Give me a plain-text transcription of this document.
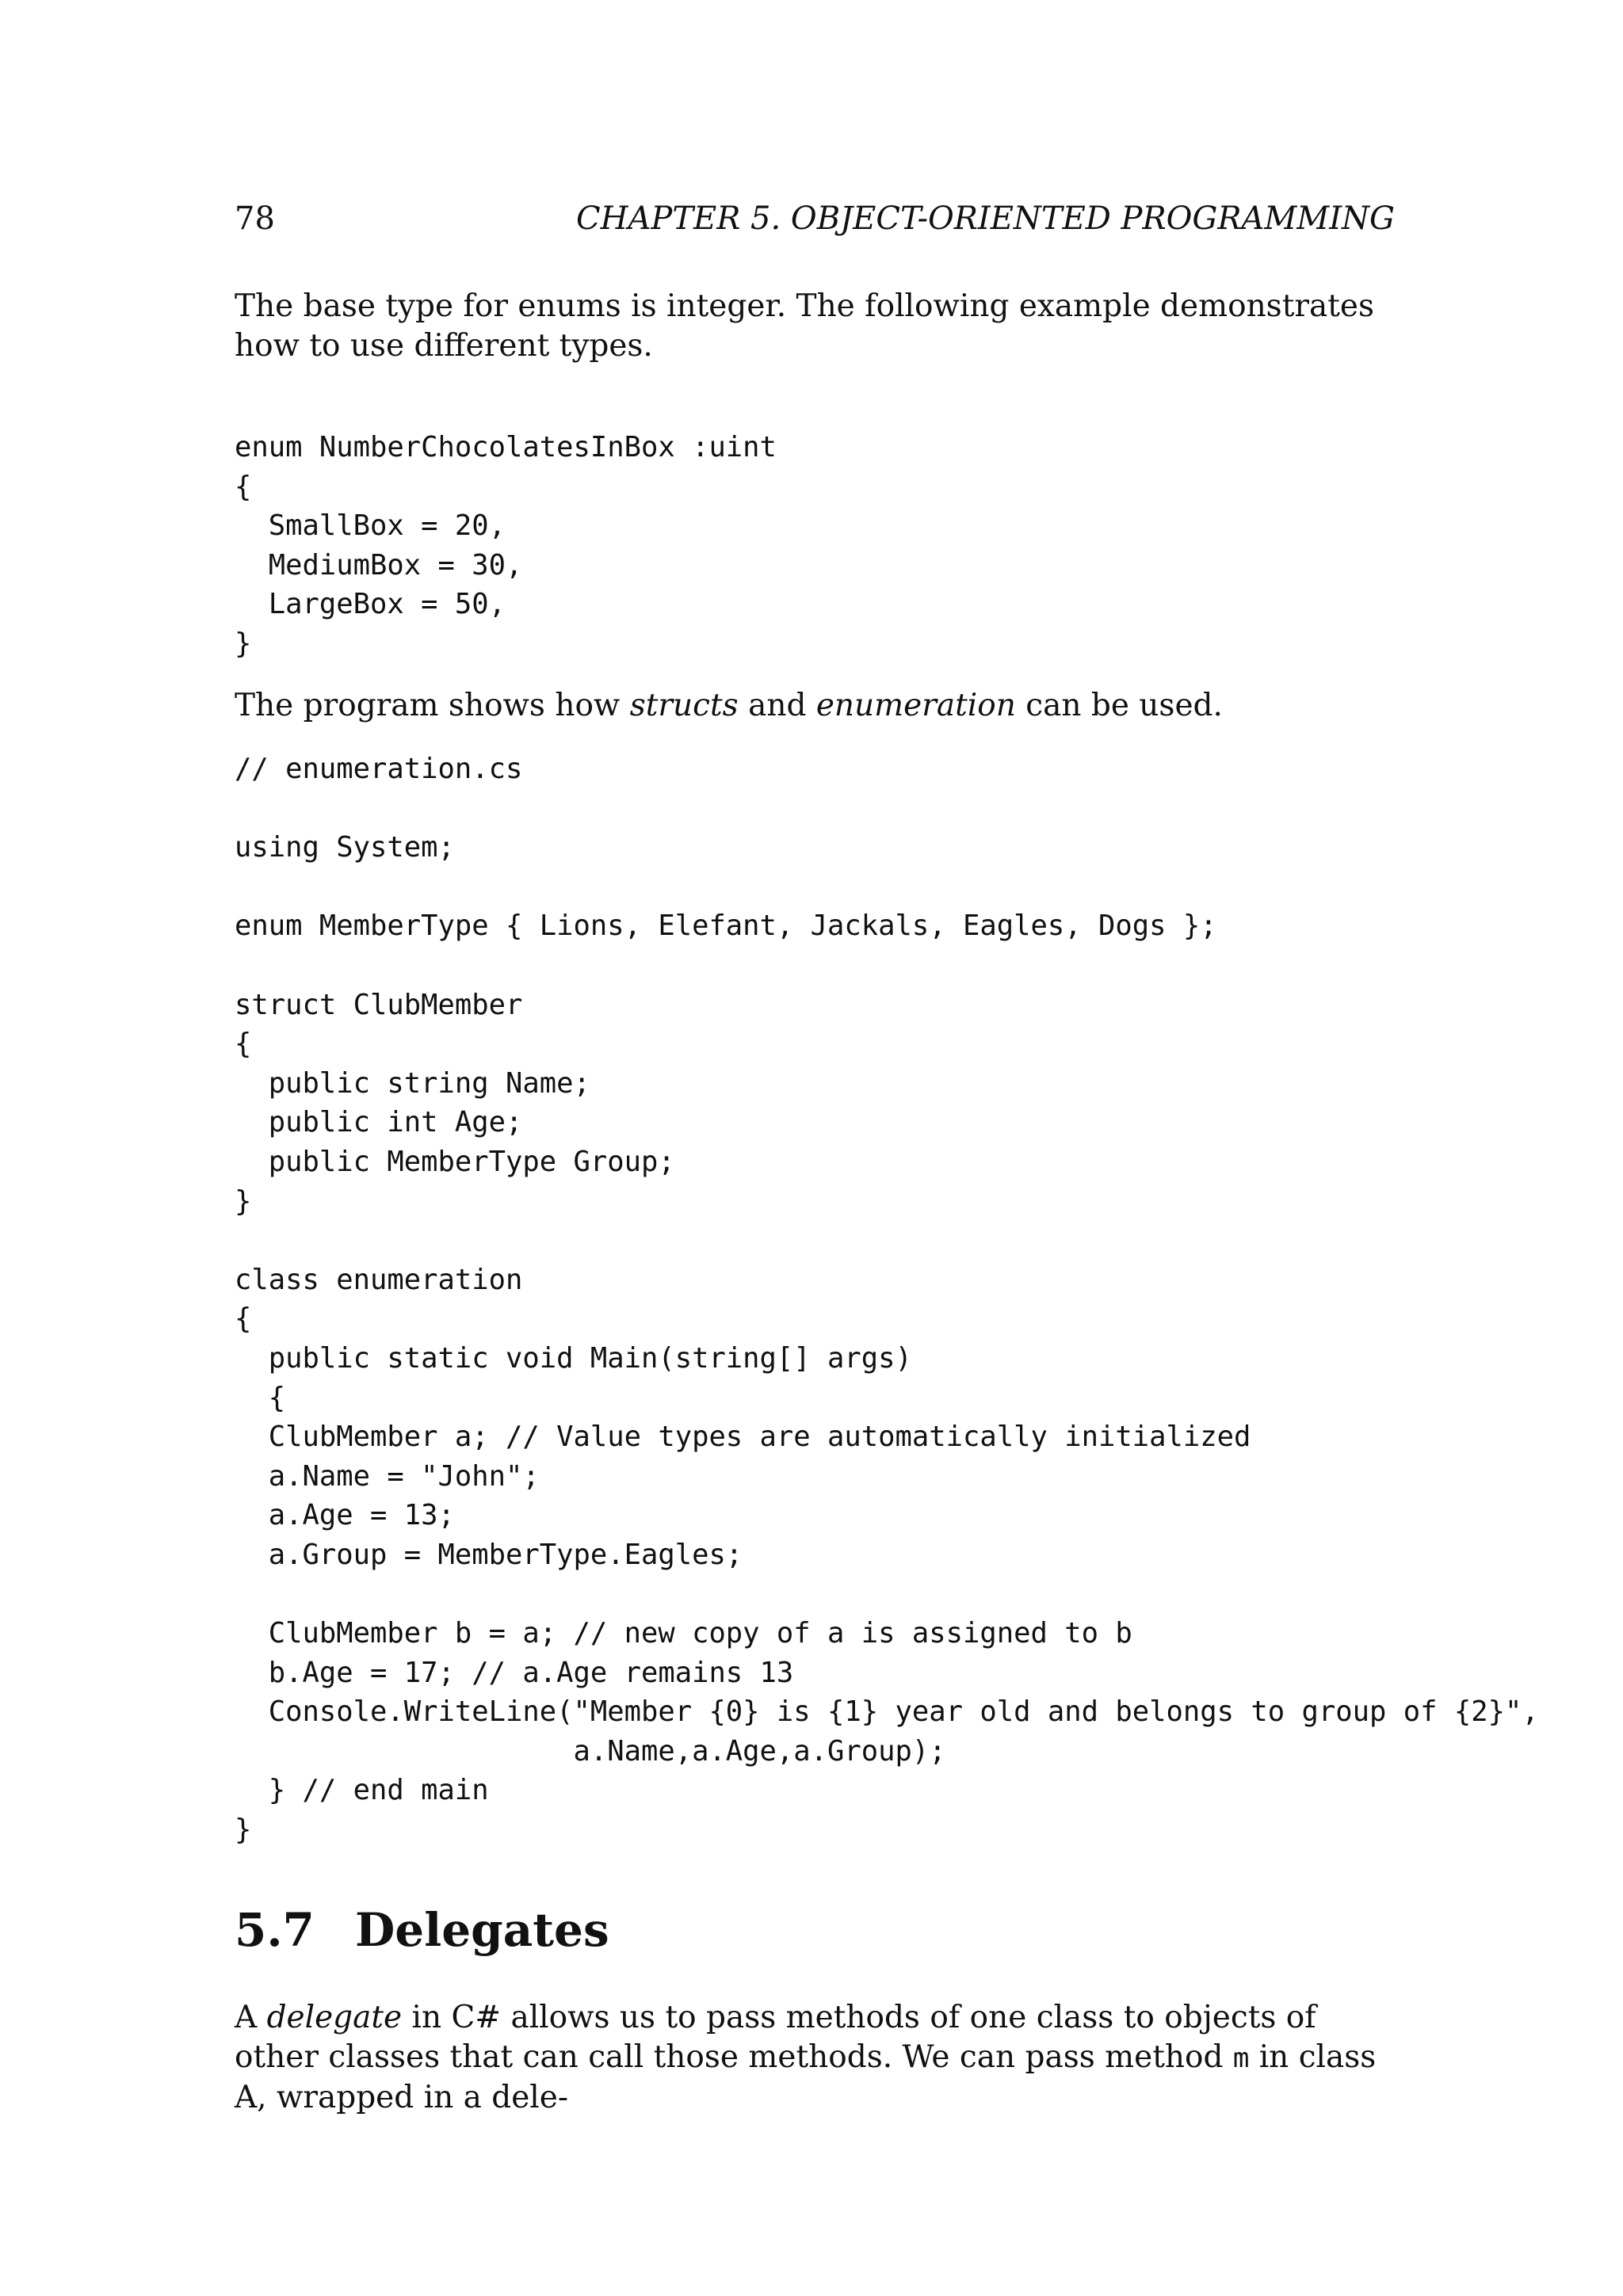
78	CHAPTER 5. OBJECT-ORIENTED PROGRAMMING

The base type for enums is integer. The following example demonstrates how to use different types.

enum NumberChocolatesInBox :uint
{
SmallBox = 20,
MediumBox = 30,
LargeBox = 50,
}

The program shows how structs and enumeration can be used.

// enumeration.cs
using System;
enum MemberType { Lions, Elefant, Jackals, Eagles, Dogs };
struct ClubMember
{
public string Name;
public int Age;
public MemberType Group;
}
class enumeration
{
public static void Main(string[] args)
{
ClubMember a; // Value types are automatically initialized
a.Name = "John";
a.Age = 13;
a.Group = MemberType.Eagles;
ClubMember b = a; // new copy of a is assigned to b
b.Age = 17; // a.Age remains 13
Console.WriteLine("Member {0} is {1} year old and belongs to group of {2}",
a.Name,a.Age,a.Group);
} // end main
}
5.7 Delegates

A delegate in C# allows us to pass methods of one class to objects of other classes that can call those methods. We can pass method m in class A, wrapped in a dele-
